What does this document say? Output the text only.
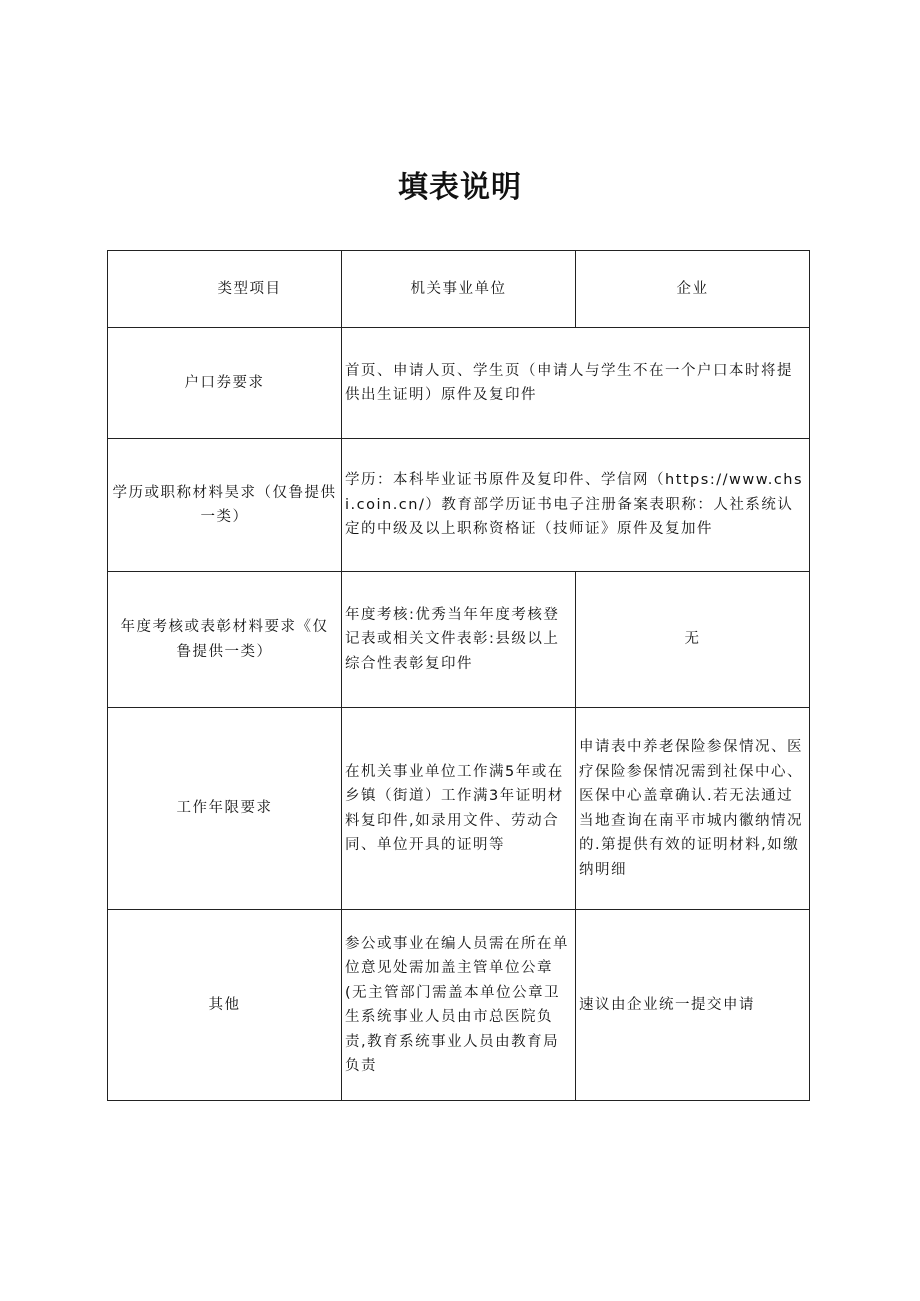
填表说明
类型项目	机关事业单位	企业
户口券要求
首页、申请人页、学生页（申请人与学生不在一个户口本时将提供出生证明）原件及复印件
学历或职称材料昊求（仅鲁提供一类）
学历：本科毕业证书原件及复印件、学信网（https://www.chsi.coin.cn/）教育部学历证书电子注册备案表职称：人社系统认定的中级及以上职称资格证（技师证》原件及复加件
年度考核或表彰材料要求《仅鲁提供一类）
年度考核:优秀当年年度考核登记表或相关文件表彰:县级以上综合性表彰复印件
无
工作年限要求
在机关事业单位工作满5年或在乡镇（街道）工作满3年证明材料复印件,如录用文件、劳动合同、单位开具的证明等
申请表中养老保险参保情况、医疗保险参保情况需到社保中心、医保中心盖章确认.若无法通过当地查询在南平市城内徽纳情况的.第提供有效的证明材料,如缴纳明细
其他
参公或事业在编人员需在所在单位意见处需加盖主管单位公章(无主管部门需盖本单位公章卫生系统事业人员由市总医院负责,教育系统事业人员由教育局负责
速议由企业统一提交申请
